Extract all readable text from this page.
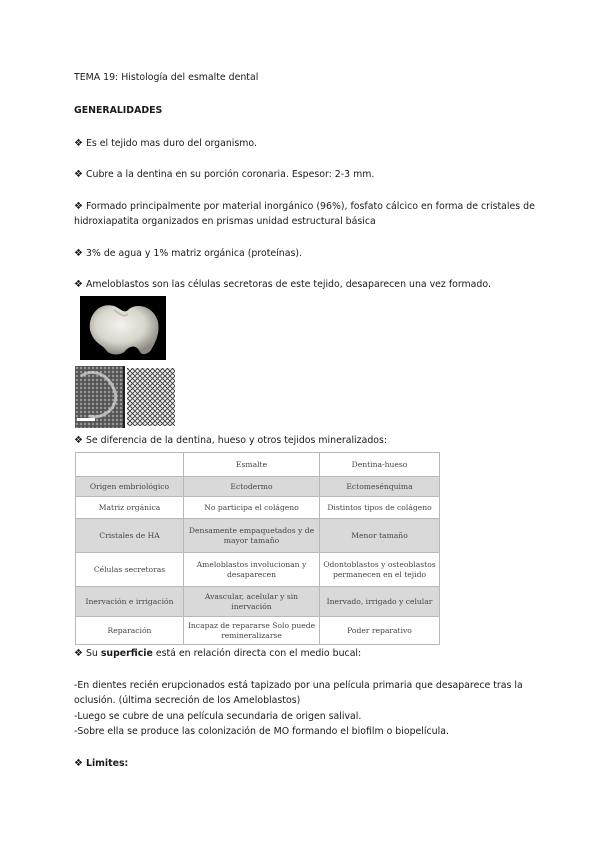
TEMA 19: Histología del esmalte dental
GENERALIDADES
❖ Es el tejido mas duro del organismo.
❖ Cubre a la dentina en su porción coronaria. Espesor: 2-3 mm.
❖ Formado principalmente por material inorgánico (96%), fosfato cálcico en forma de cristales de
hidroxiapatita organizados en prismas unidad estructural básica
❖ 3% de agua y 1% matriz orgánica (proteínas).
❖ Ameloblastos son las células secretoras de este tejido, desaparecen una vez formado.
❖ Se diferencia de la dentina, hueso y otros tejidos mineralizados:
	Esmalte	Dentina-hueso
Origen embriológico	Ectodermo	Ectomesénquima
Matriz orgánica	No participa el colágeno	Distintos tipos de colágeno
Cristales de HA	Densamente empaquetados y de mayor tamaño	Menor tamaño
Células secretoras	Ameloblastos involucionan y desaparecen	Odontoblastos y osteoblastos permanecen en el tejido
Inervación e irrigación	Avascular, acelular y sin inervación	Inervado, irrigado y celular
Reparación	Incapaz de repararse Solo puede remineralizarse	Poder reparativo
❖ Su superficie está en relación directa con el medio bucal:
-En dientes recién erupcionados está tapizado por una película primaria que desaparece tras la
oclusión. (última secreción de los Ameloblastos)
-Luego se cubre de una película secundaria de origen salival.
-Sobre ella se produce las colonización de MO formando el biofilm o biopelícula.
❖ Limites:
